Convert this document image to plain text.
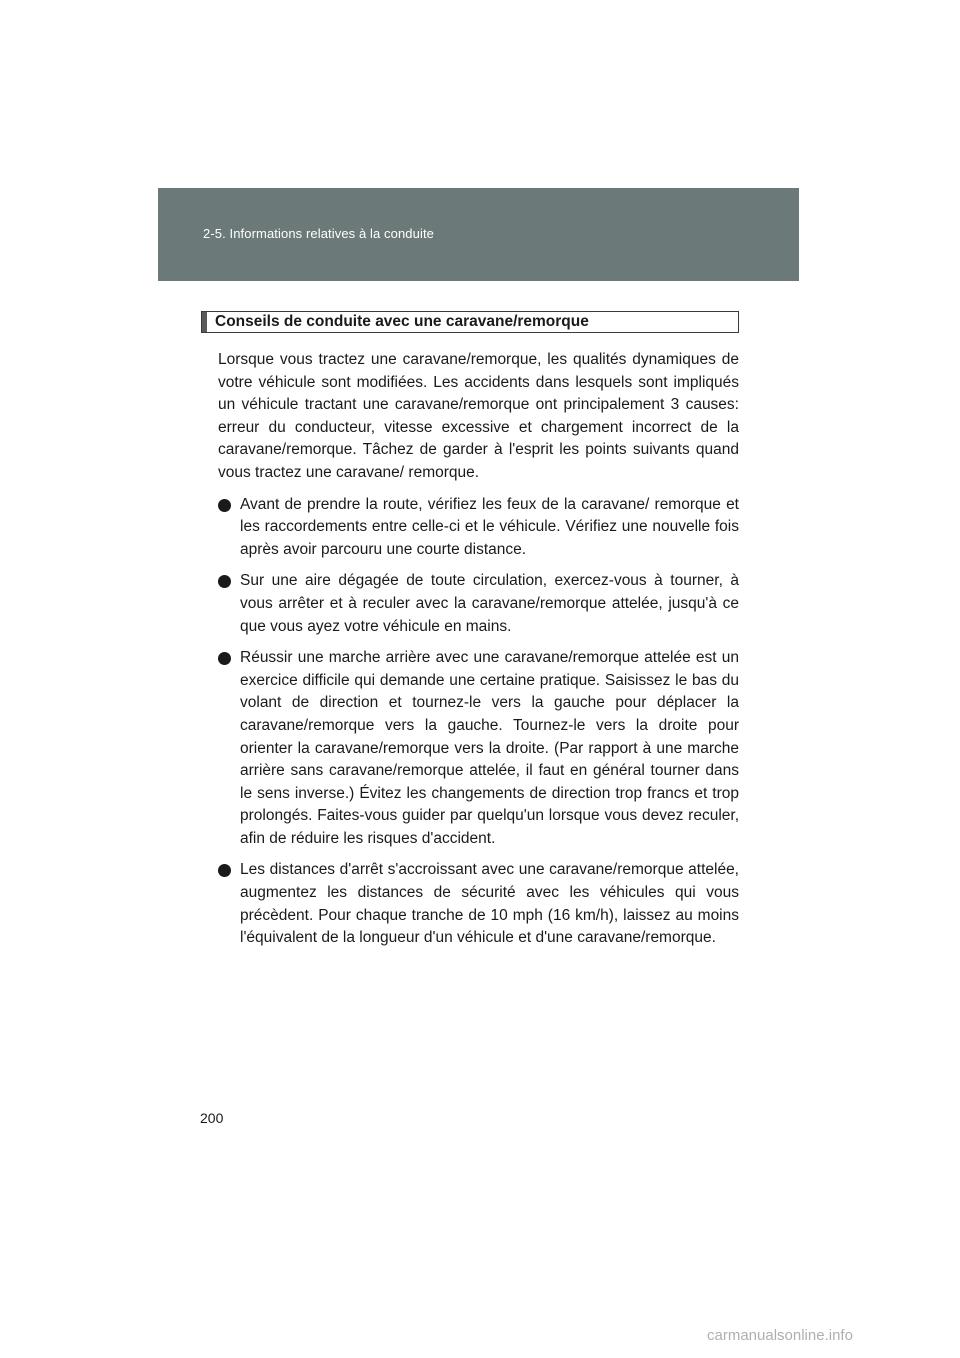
2-5. Informations relatives à la conduite
Conseils de conduite avec une caravane/remorque

Lorsque vous tractez une caravane/remorque, les qualités dynamiques de votre véhicule sont modifiées. Les accidents dans lesquels sont impliqués un véhicule tractant une caravane/remorque ont principalement 3 causes: erreur du conducteur, vitesse excessive et chargement incorrect de la caravane/remorque. Tâchez de garder à l'esprit les points suivants quand vous tractez une caravane/ remorque.

Avant de prendre la route, vérifiez les feux de la caravane/ remorque et les raccordements entre celle-ci et le véhicule. Vérifiez une nouvelle fois après avoir parcouru une courte distance.
Sur une aire dégagée de toute circulation, exercez-vous à tourner, à vous arrêter et à reculer avec la caravane/remorque attelée, jusqu'à ce que vous ayez votre véhicule en mains.
Réussir une marche arrière avec une caravane/remorque attelée est un exercice difficile qui demande une certaine pratique. Saisissez le bas du volant de direction et tournez-le vers la gauche pour déplacer la caravane/remorque vers la gauche. Tournez-le vers la droite pour orienter la caravane/remorque vers la droite. (Par rapport à une marche arrière sans caravane/remorque attelée, il faut en général tourner dans le sens inverse.) Évitez les changements de direction trop francs et trop prolongés. Faites-vous guider par quelqu'un lorsque vous devez reculer, afin de réduire les risques d'accident.
Les distances d'arrêt s'accroissant avec une caravane/remorque attelée, augmentez les distances de sécurité avec les véhicules qui vous précèdent. Pour chaque tranche de 10 mph (16 km/h), laissez au moins l'équivalent de la longueur d'un véhicule et d'une caravane/remorque.
200
carmanualsonline.info
